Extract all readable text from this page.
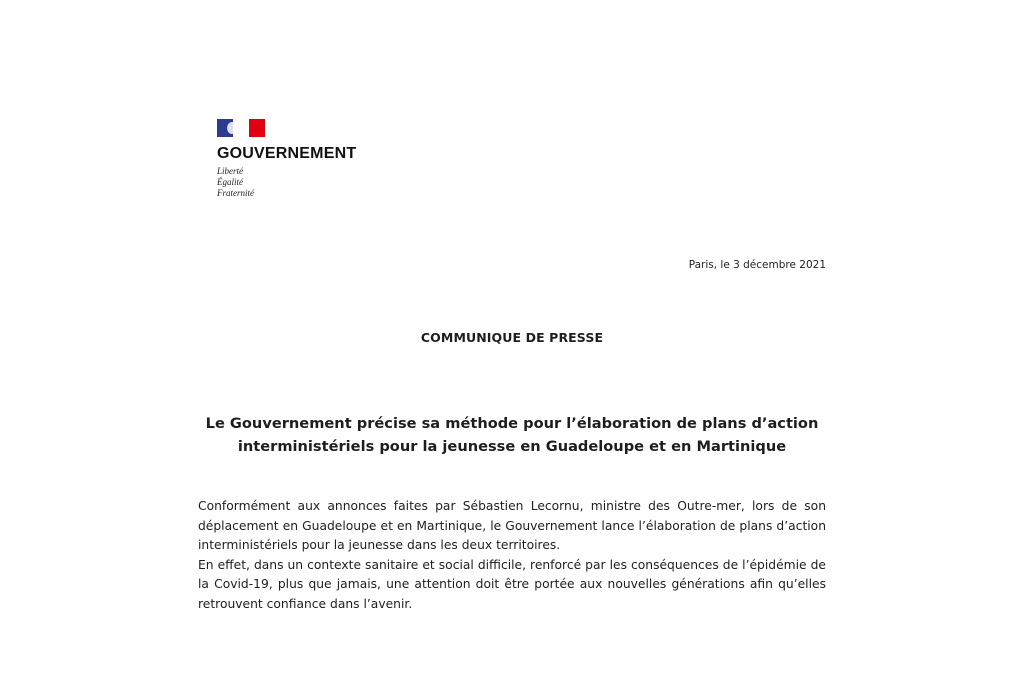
GOUVERNEMENT
Liberté
Égalité
Fraternité
Paris, le 3 décembre 2021
COMMUNIQUE DE PRESSE
Le Gouvernement précise sa méthode pour l’élaboration de plans d’action interministériels pour la jeunesse en Guadeloupe et en Martinique

Conformément aux annonces faites par Sébastien Lecornu, ministre des Outre-mer, lors de son déplacement en Guadeloupe et en Martinique, le Gouvernement lance l’élaboration de plans d’action interministériels pour la jeunesse dans les deux territoires.

En effet, dans un contexte sanitaire et social difficile, renforcé par les conséquences de l’épidémie de la Covid-19, plus que jamais, une attention doit être portée aux nouvelles générations afin qu’elles retrouvent confiance dans l’avenir.
